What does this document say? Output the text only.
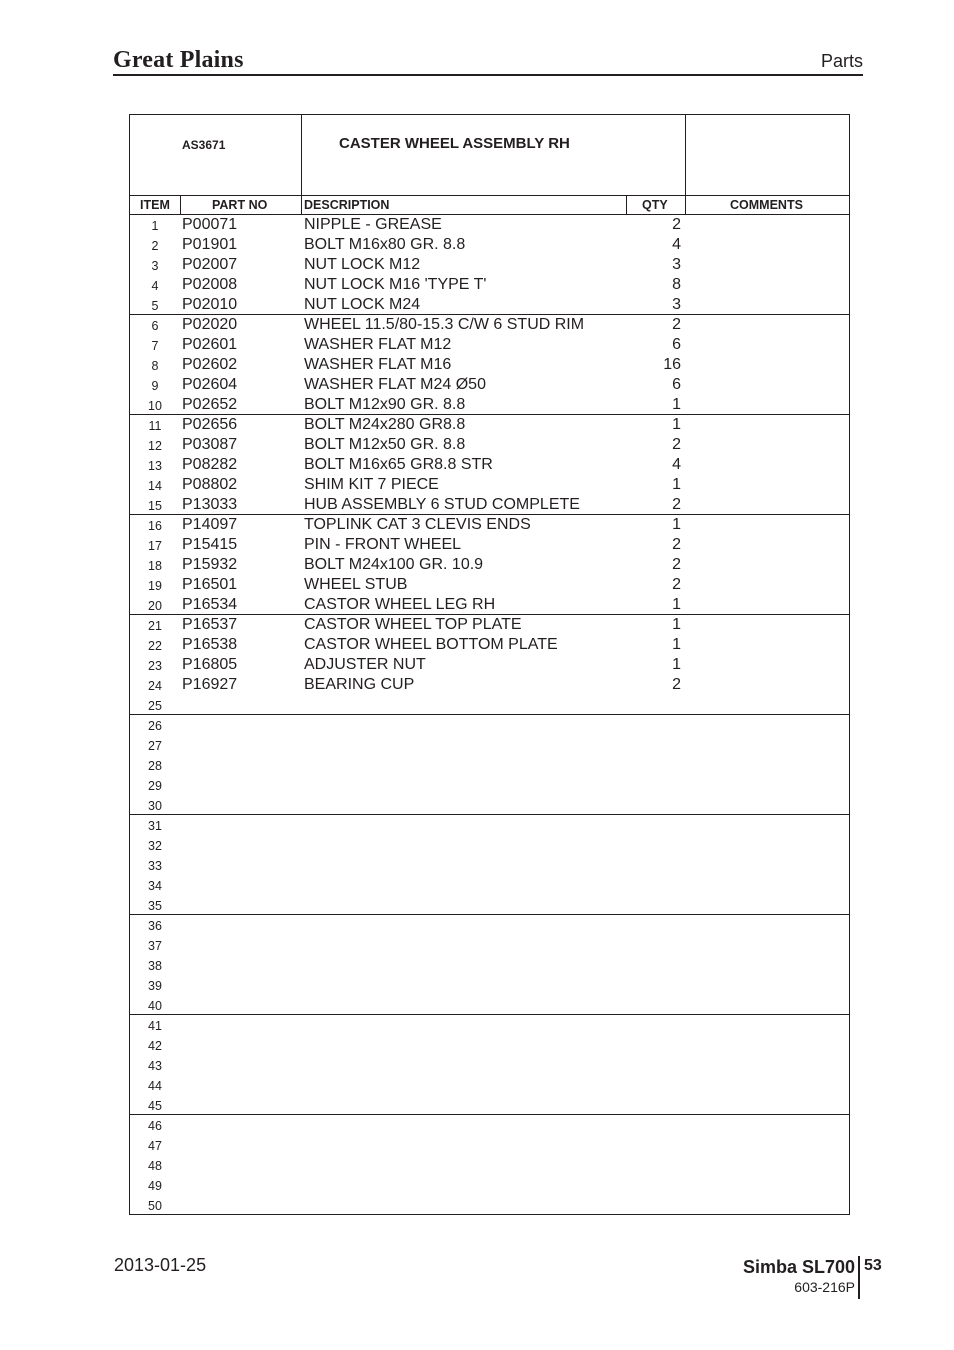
Great Plains	Parts
AS3671	CASTER WHEEL ASSEMBLY RH
ITEM	PART NO	DESCRIPTION	QTY	COMMENTS
1	P00071	NIPPLE - GREASE	2
2	P01901	BOLT M16x80 GR. 8.8	4
3	P02007	NUT LOCK M12	3
4	P02008	NUT LOCK M16 'TYPE T'	8
5	P02010	NUT LOCK M24	3
6	P02020	WHEEL 11.5/80-15.3 C/W 6 STUD RIM	2
7	P02601	WASHER FLAT M12	6
8	P02602	WASHER FLAT M16	16
9	P02604	WASHER FLAT M24 Ø50	6
10	P02652	BOLT M12x90 GR. 8.8	1
11	P02656	BOLT M24x280 GR8.8	1
12	P03087	BOLT M12x50 GR. 8.8	2
13	P08282	BOLT M16x65 GR8.8 STR	4
14	P08802	SHIM KIT 7 PIECE	1
15	P13033	HUB ASSEMBLY 6 STUD COMPLETE	2
16	P14097	TOPLINK CAT 3 CLEVIS ENDS	1
17	P15415	PIN - FRONT WHEEL	2
18	P15932	BOLT M24x100 GR. 10.9	2
19	P16501	WHEEL STUB	2
20	P16534	CASTOR WHEEL LEG RH	1
21	P16537	CASTOR WHEEL TOP PLATE	1
22	P16538	CASTOR WHEEL BOTTOM PLATE	1
23	P16805	ADJUSTER NUT	1
24	P16927	BEARING CUP	2
25
26
27
28
29
30
31
32
33
34
35
36
37
38
39
40
41
42
43
44
45
46
47
48
49
50
2013-01-25	Simba SL700 53
603-216P
